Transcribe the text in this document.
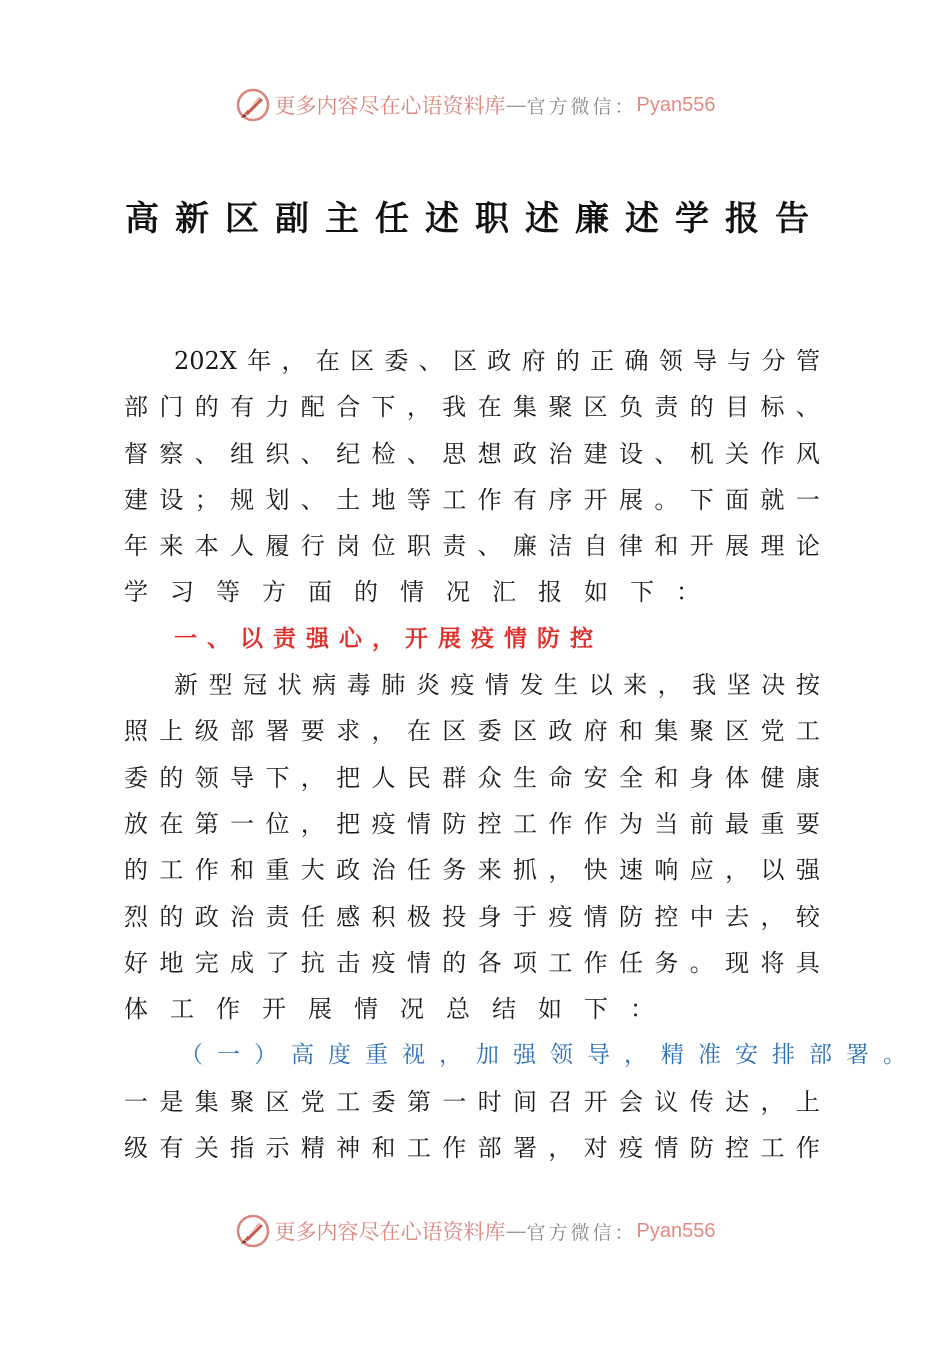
更多内容尽在心语资料库 — 官方微信： Pyan556
高新区副主任述职述廉述学报告
202X 年 ， 在 区 委 、 区 政 府 的 正 确 领 导 与 分 管
部 门 的 有 力 配 合 下 ， 我 在 集 聚 区 负 责 的 目 标 、
督 察 、 组 织 、 纪 检 、 思 想 政 治 建 设 、 机 关 作 风
建 设 ； 规 划 、 土 地 等 工 作 有 序 开 展 。 下 面 就 一
年 来 本 人 履 行 岗 位 职 责 、 廉 洁 自 律 和 开 展 理 论
学 习 等 方 面 的 情 况 汇 报 如 下 ：
一、以责强心，开展疫情防控
新 型 冠 状 病 毒 肺 炎 疫 情 发 生 以 来 ， 我 坚 决 按
照 上 级 部 署 要 求 ， 在 区 委 区 政 府 和 集 聚 区 党 工
委 的 领 导 下 ， 把 人 民 群 众 生 命 安 全 和 身 体 健 康
放 在 第 一 位 ， 把 疫 情 防 控 工 作 作 为 当 前 最 重 要
的 工 作 和 重 大 政 治 任 务 来 抓 ， 快 速 响 应 ， 以 强
烈 的 政 治 责 任 感 积 极 投 身 于 疫 情 防 控 中 去 ， 较
好 地 完 成 了 抗 击 疫 情 的 各 项 工 作 任 务 。 现 将 具
体 工 作 开 展 情 况 总 结 如 下 ：
（一）高度重视，加强领导，精准安排部署。
一 是 集 聚 区 党 工 委 第 一 时 间 召 开 会 议 传 达 ， 上
级 有 关 指 示 精 神 和 工 作 部 署 ， 对 疫 情 防 控 工 作
更多内容尽在心语资料库 — 官方微信： Pyan556
